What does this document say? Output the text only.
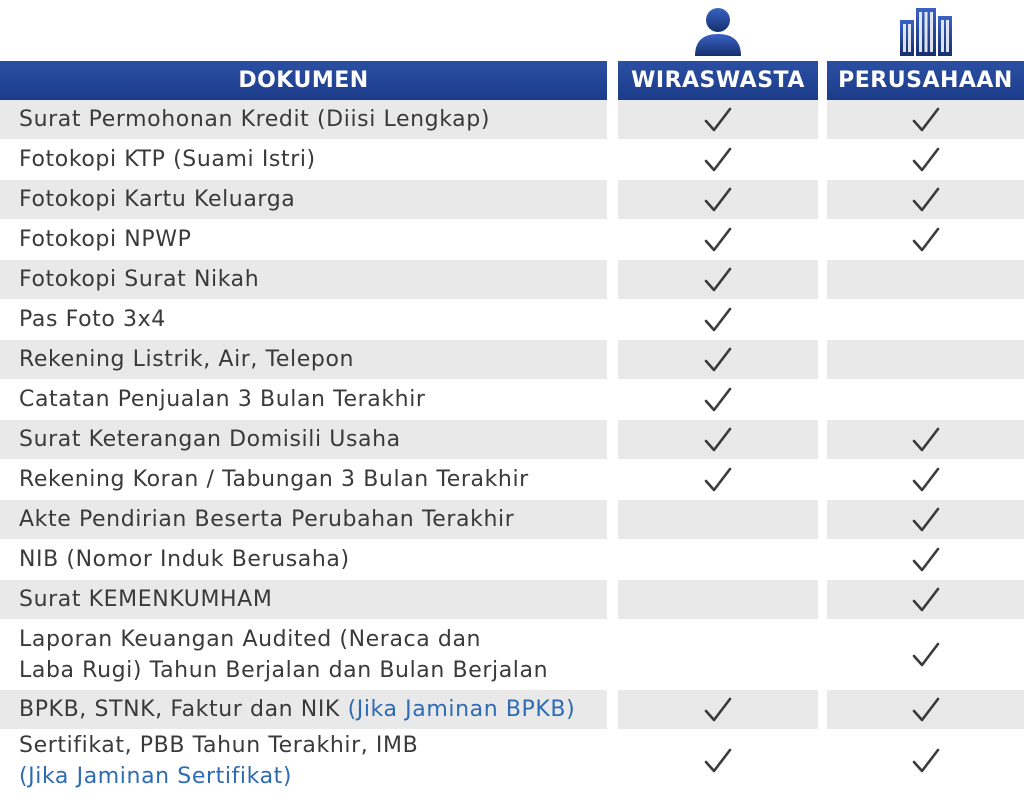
DOKUMEN	WIRASWASTA	PERUSAHAAN
Surat Permohonan Kredit (Diisi Lengkap)
Fotokopi KTP (Suami Istri)
Fotokopi Kartu Keluarga
Fotokopi NPWP
Fotokopi Surat Nikah
Pas Foto 3x4
Rekening Listrik, Air, Telepon
Catatan Penjualan 3 Bulan Terakhir
Surat Keterangan Domisili Usaha
Rekening Koran / Tabungan 3 Bulan Terakhir
Akte Pendirian Beserta Perubahan Terakhir
NIB (Nomor Induk Berusaha)
Surat KEMENKUMHAM
Laporan Keuangan Audited (Neraca dan
Laba Rugi) Tahun Berjalan dan Bulan Berjalan
BPKB, STNK, Faktur dan NIK (Jika Jaminan BPKB)
Sertifikat, PBB Tahun Terakhir, IMB
(Jika Jaminan Sertifikat)
